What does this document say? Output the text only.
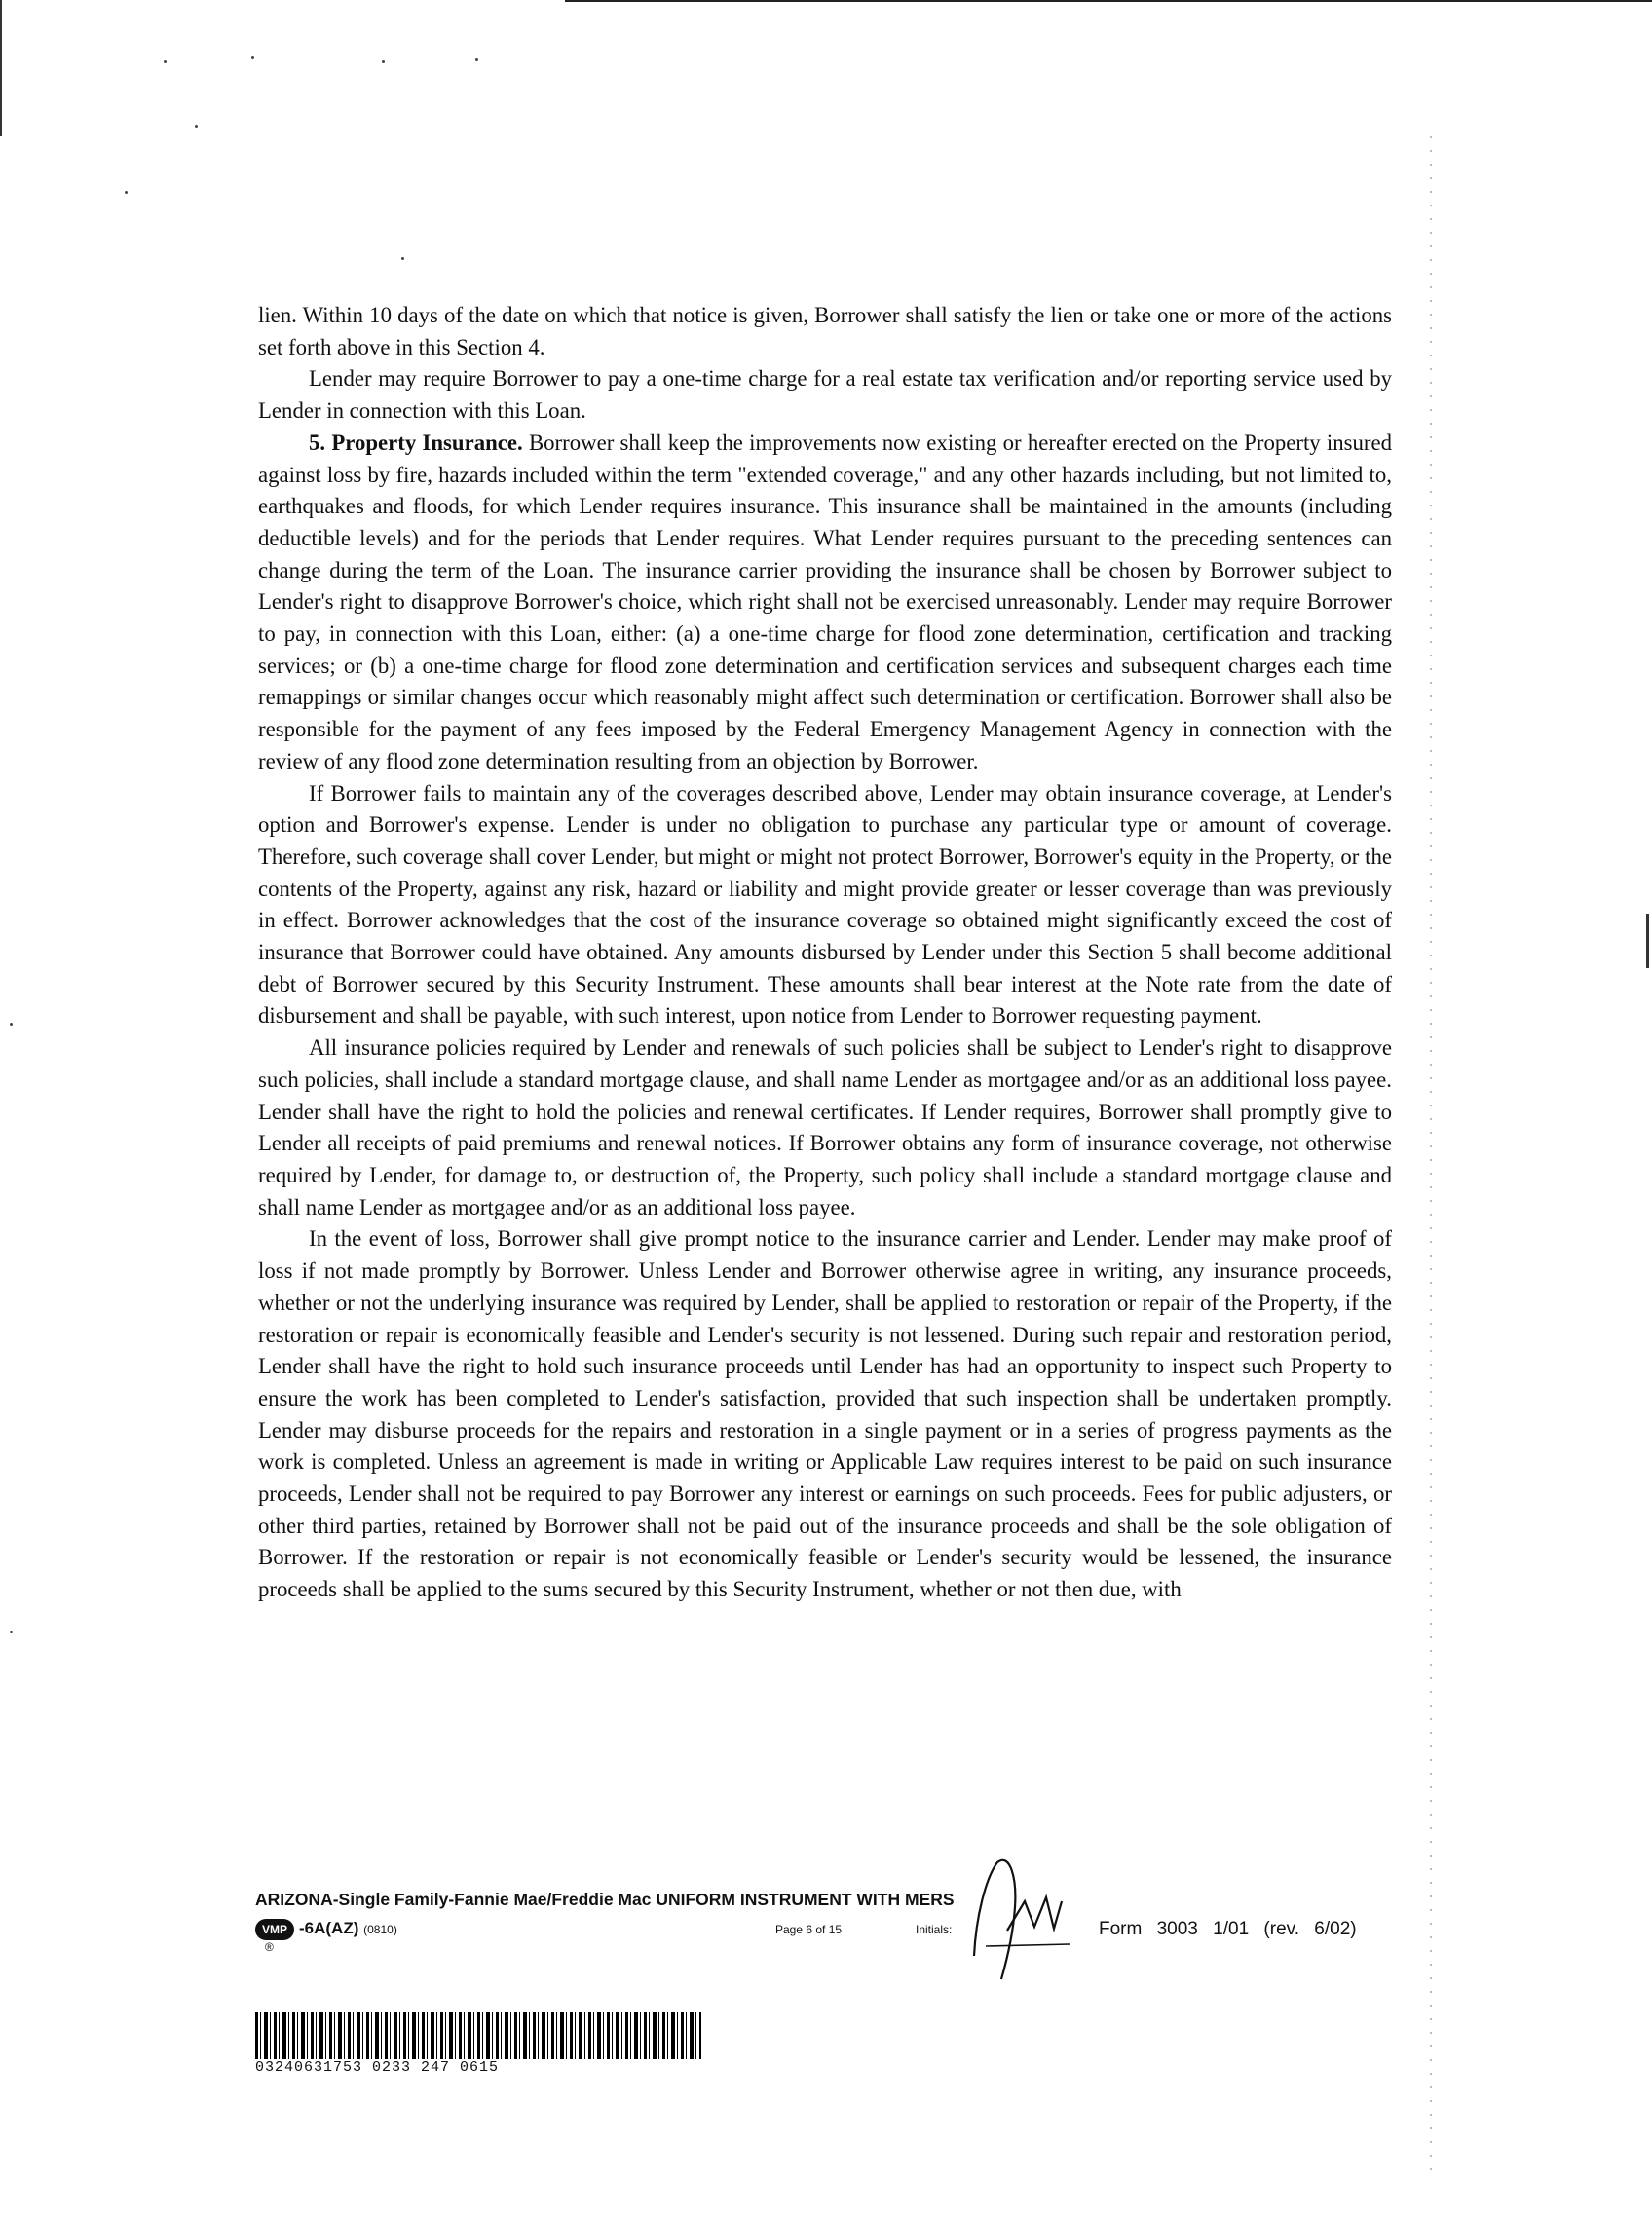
lien. Within 10 days of the date on which that notice is given, Borrower shall satisfy the lien or take one or more of the actions set forth above in this Section 4.

Lender may require Borrower to pay a one-time charge for a real estate tax verification and/or reporting service used by Lender in connection with this Loan.

5. Property Insurance. Borrower shall keep the improvements now existing or hereafter erected on the Property insured against loss by fire, hazards included within the term "extended coverage," and any other hazards including, but not limited to, earthquakes and floods, for which Lender requires insurance. This insurance shall be maintained in the amounts (including deductible levels) and for the periods that Lender requires. What Lender requires pursuant to the preceding sentences can change during the term of the Loan. The insurance carrier providing the insurance shall be chosen by Borrower subject to Lender's right to disapprove Borrower's choice, which right shall not be exercised unreasonably. Lender may require Borrower to pay, in connection with this Loan, either: (a) a one-time charge for flood zone determination, certification and tracking services; or (b) a one-time charge for flood zone determination and certification services and subsequent charges each time remappings or similar changes occur which reasonably might affect such determination or certification. Borrower shall also be responsible for the payment of any fees imposed by the Federal Emergency Management Agency in connection with the review of any flood zone determination resulting from an objection by Borrower.

If Borrower fails to maintain any of the coverages described above, Lender may obtain insurance coverage, at Lender's option and Borrower's expense. Lender is under no obligation to purchase any particular type or amount of coverage. Therefore, such coverage shall cover Lender, but might or might not protect Borrower, Borrower's equity in the Property, or the contents of the Property, against any risk, hazard or liability and might provide greater or lesser coverage than was previously in effect. Borrower acknowledges that the cost of the insurance coverage so obtained might significantly exceed the cost of insurance that Borrower could have obtained. Any amounts disbursed by Lender under this Section 5 shall become additional debt of Borrower secured by this Security Instrument. These amounts shall bear interest at the Note rate from the date of disbursement and shall be payable, with such interest, upon notice from Lender to Borrower requesting payment.

All insurance policies required by Lender and renewals of such policies shall be subject to Lender's right to disapprove such policies, shall include a standard mortgage clause, and shall name Lender as mortgagee and/or as an additional loss payee. Lender shall have the right to hold the policies and renewal certificates. If Lender requires, Borrower shall promptly give to Lender all receipts of paid premiums and renewal notices. If Borrower obtains any form of insurance coverage, not otherwise required by Lender, for damage to, or destruction of, the Property, such policy shall include a standard mortgage clause and shall name Lender as mortgagee and/or as an additional loss payee.

In the event of loss, Borrower shall give prompt notice to the insurance carrier and Lender. Lender may make proof of loss if not made promptly by Borrower. Unless Lender and Borrower otherwise agree in writing, any insurance proceeds, whether or not the underlying insurance was required by Lender, shall be applied to restoration or repair of the Property, if the restoration or repair is economically feasible and Lender's security is not lessened. During such repair and restoration period, Lender shall have the right to hold such insurance proceeds until Lender has had an opportunity to inspect such Property to ensure the work has been completed to Lender's satisfaction, provided that such inspection shall be undertaken promptly. Lender may disburse proceeds for the repairs and restoration in a single payment or in a series of progress payments as the work is completed. Unless an agreement is made in writing or Applicable Law requires interest to be paid on such insurance proceeds, Lender shall not be required to pay Borrower any interest or earnings on such proceeds. Fees for public adjusters, or other third parties, retained by Borrower shall not be paid out of the insurance proceeds and shall be the sole obligation of Borrower. If the restoration or repair is not economically feasible or Lender's security would be lessened, the insurance proceeds shall be applied to the sums secured by this Security Instrument, whether or not then due, with

ARIZONA-Single Family-Fannie Mae/Freddie Mac UNIFORM INSTRUMENT WITH MERS
VMP
®
-6A(AZ) (0810)	Page 6 of 15	Initials:	Form 3003 1/01 (rev. 6/02)
03240631753 0233 247 0615
